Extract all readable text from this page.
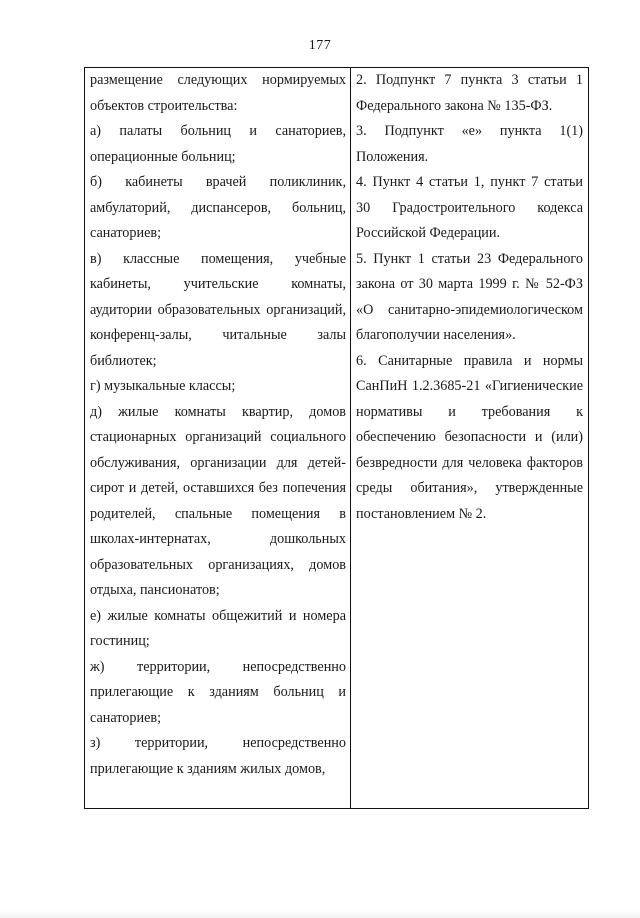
177

размещение следующих нормируемых объектов строительства:

а) палаты больниц и санаториев, операционные больниц;

б) кабинеты врачей поликлиник, амбулаторий, диспансеров, больниц, санаториев;

в) классные помещения, учебные кабинеты, учительские комнаты, аудитории образовательных организаций, конференц-залы, читальные залы библиотек;

г) музыкальные классы;

д) жилые комнаты квартир, домов стационарных организаций социального обслуживания, организации для детей-сирот и детей, оставшихся без попечения родителей, спальные помещения в школах-интернатах, дошкольных образовательных организациях, домов отдыха, пансионатов;

е) жилые комнаты общежитий и номера гостиниц;

ж) территории, непосредственно прилегающие к зданиям больниц и санаториев;

з) территории, непосредственно прилегающие к зданиям жилых домов,

2. Подпункт 7 пункта 3 статьи 1 Федерального закона № 135-ФЗ.

3. Подпункт «е» пункта 1(1) Положения.

4. Пункт 4 статьи 1, пункт 7 статьи 30 Градостроительного кодекса Российской Федерации.

5. Пункт 1 статьи 23 Федерального закона от 30 марта 1999 г. № 52-ФЗ «О санитарно-эпидемиологическом благополучии населения».

6. Санитарные правила и нормы СанПиН 1.2.3685-21 «Гигиенические нормативы и требования к обеспечению безопасности и (или) безвредности для человека факторов среды обитания», утвержденные постановлением № 2.
